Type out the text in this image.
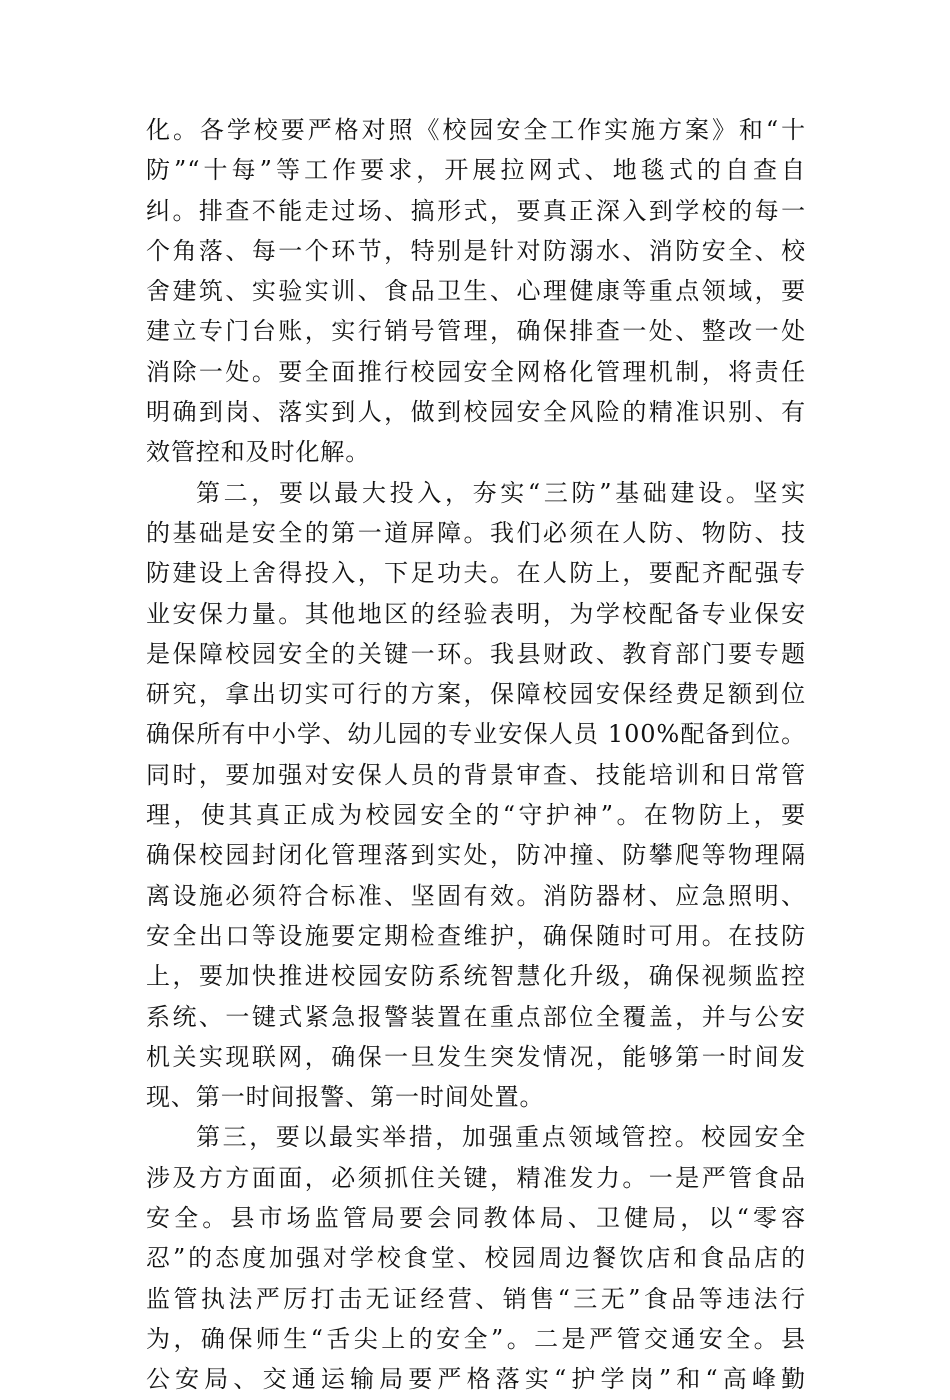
化。各学校要严格对照《校园安全工作实施方案》和“十
防”“十每”等工作要求，开展拉网式、地毯式的自查自
纠。排查不能走过场、搞形式，要真正深入到学校的每一
个角落、每一个环节，特别是针对防溺水、消防安全、校
舍建筑、实验实训、食品卫生、心理健康等重点领域，要
建立专门台账，实行销号管理，确保排查一处、整改一处
消除一处。要全面推行校园安全网格化管理机制，将责任
明确到岗、落实到人，做到校园安全风险的精准识别、有
效管控和及时化解。
第二，要以最大投入，夯实“三防”基础建设。坚实
的基础是安全的第一道屏障。我们必须在人防、物防、技
防建设上舍得投入，下足功夫。在人防上，要配齐配强专
业安保力量。其他地区的经验表明，为学校配备专业保安
是保障校园安全的关键一环。我县财政、教育部门要专题
研究，拿出切实可行的方案，保障校园安保经费足额到位
确保所有中小学、幼儿园的专业安保人员 100%配备到位。
同时，要加强对安保人员的背景审查、技能培训和日常管
理，使其真正成为校园安全的“守护神”。在物防上，要
确保校园封闭化管理落到实处，防冲撞、防攀爬等物理隔
离设施必须符合标准、坚固有效。消防器材、应急照明、
安全出口等设施要定期检查维护，确保随时可用。在技防
上，要加快推进校园安防系统智慧化升级，确保视频监控
系统、一键式紧急报警装置在重点部位全覆盖，并与公安
机关实现联网，确保一旦发生突发情况，能够第一时间发
现、第一时间报警、第一时间处置。
第三，要以最实举措，加强重点领域管控。校园安全
涉及方方面面，必须抓住关键，精准发力。一是严管食品
安全。县市场监管局要会同教体局、卫健局，以“零容
忍”的态度加强对学校食堂、校园周边餐饮店和食品店的
监管执法严厉打击无证经营、销售“三无”食品等违法行
为，确保师生“舌尖上的安全”。二是严管交通安全。县
公安局、交通运输局要严格落实“护学岗”和“高峰勤
